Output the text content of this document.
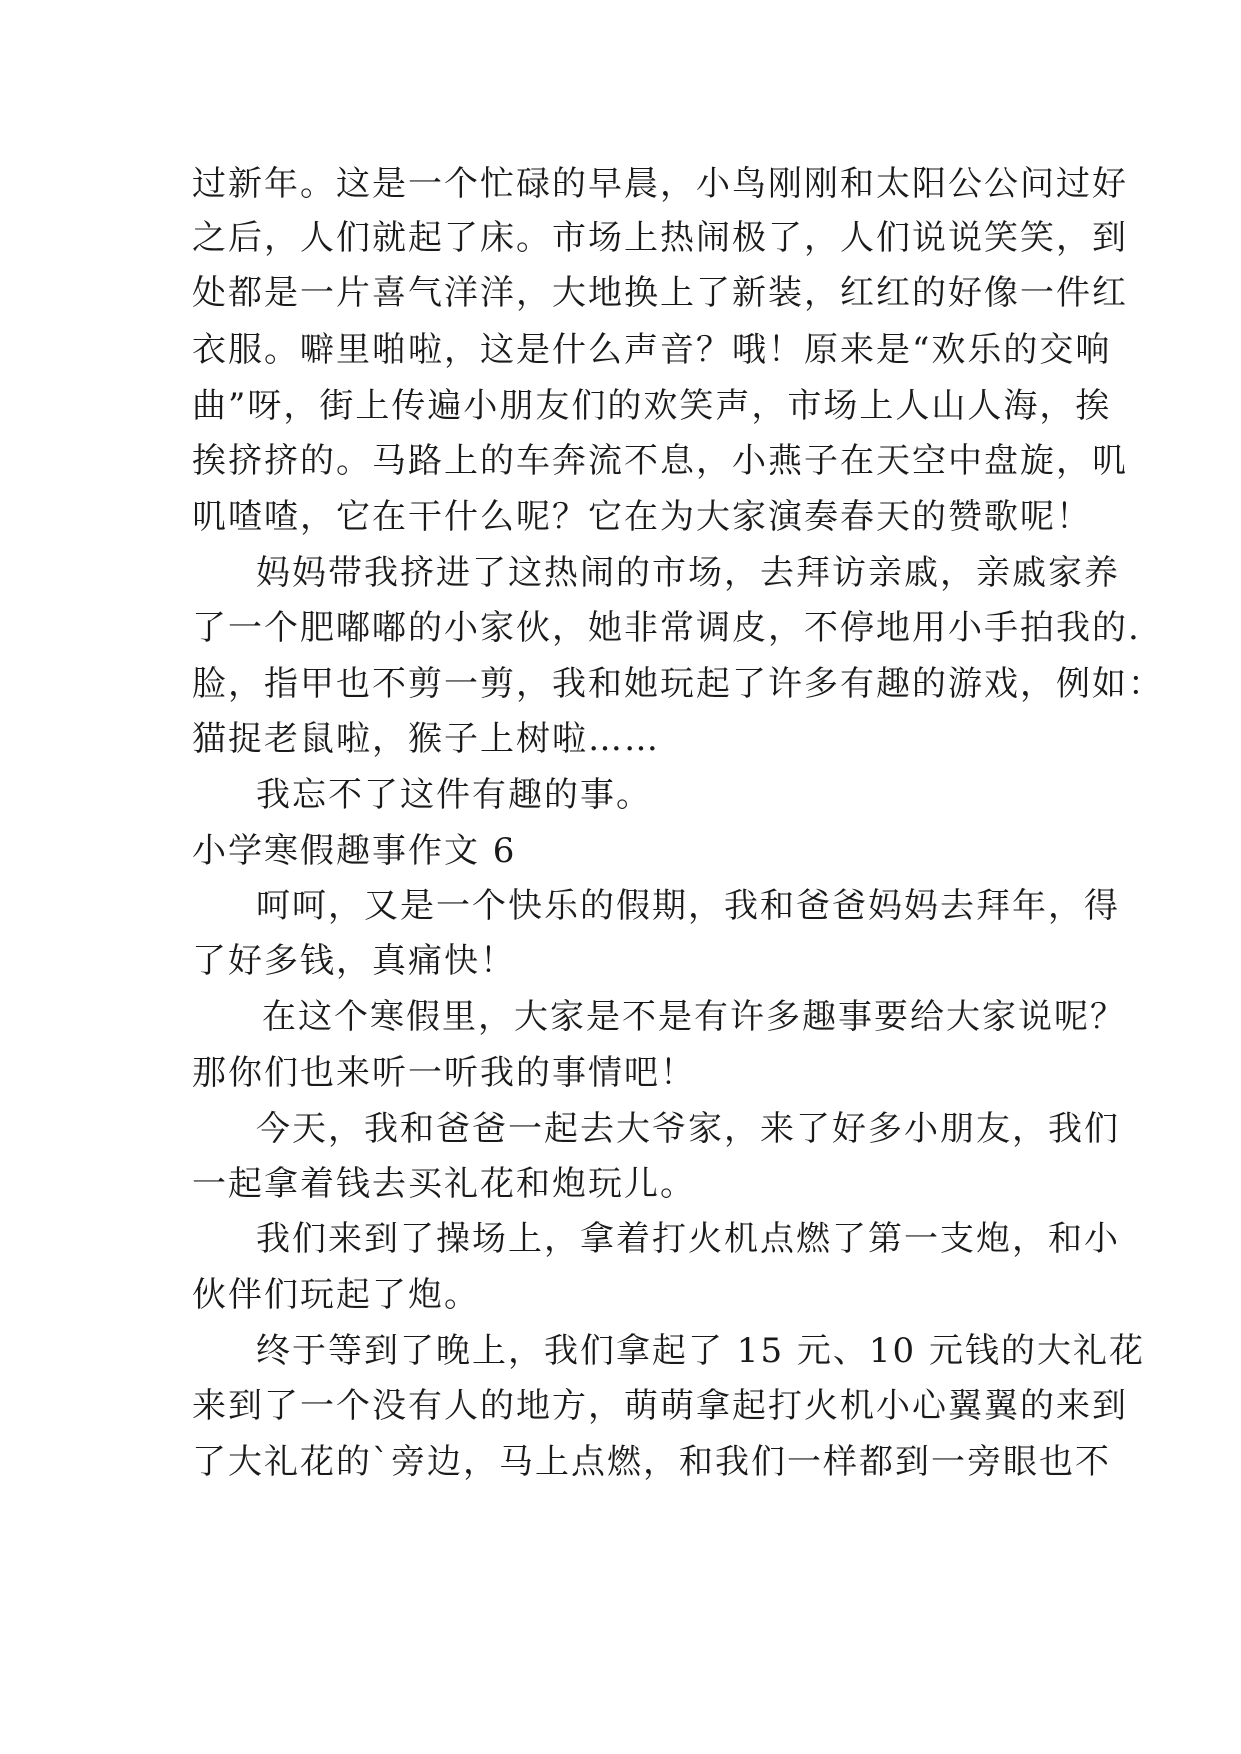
过新年。这是一个忙碌的早晨，小鸟刚刚和太阳公公问过好
之后，人们就起了床。市场上热闹极了，人们说说笑笑，到
处都是一片喜气洋洋，大地换上了新装，红红的好像一件红
衣服。噼里啪啦，这是什么声音？哦！原来是“欢乐的交响
曲”呀，街上传遍小朋友们的欢笑声，市场上人山人海，挨
挨挤挤的。马路上的车奔流不息，小燕子在天空中盘旋，叽
叽喳喳，它在干什么呢？它在为大家演奏春天的赞歌呢！
妈妈带我挤进了这热闹的市场，去拜访亲戚，亲戚家养
了一个肥嘟嘟的小家伙，她非常调皮，不停地用小手拍我的.
脸，指甲也不剪一剪，我和她玩起了许多有趣的游戏，例如：
猫捉老鼠啦，猴子上树啦……
我忘不了这件有趣的事。
小学寒假趣事作文 6
呵呵，又是一个快乐的假期，我和爸爸妈妈去拜年，得
了好多钱，真痛快！
在这个寒假里，大家是不是有许多趣事要给大家说呢？
那你们也来听一听我的事情吧！
今天，我和爸爸一起去大爷家，来了好多小朋友，我们
一起拿着钱去买礼花和炮玩儿。
我们来到了操场上，拿着打火机点燃了第一支炮，和小
伙伴们玩起了炮。
终于等到了晚上，我们拿起了 15 元、10 元钱的大礼花
来到了一个没有人的地方，萌萌拿起打火机小心翼翼的来到
了大礼花的`旁边，马上点燃，和我们一样都到一旁眼也不
